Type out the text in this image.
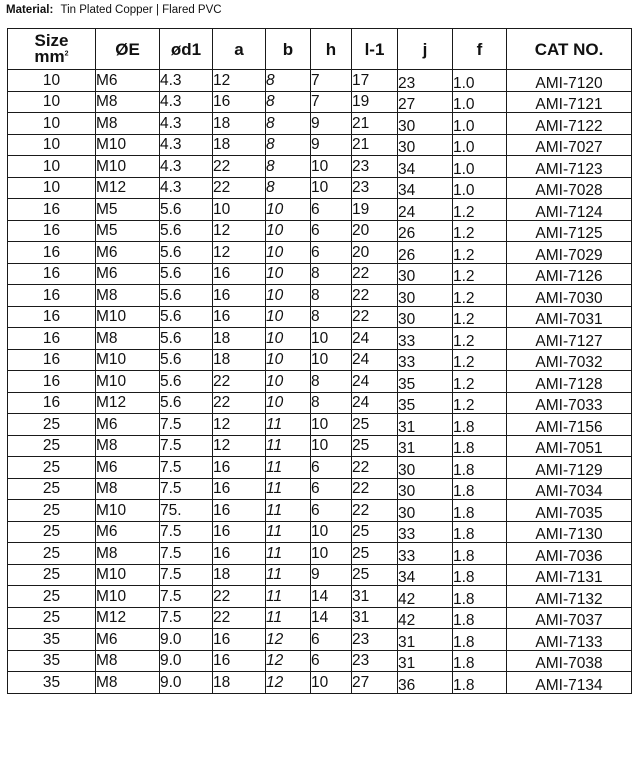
Material: Tin Plated Copper | Flared PVC
Size
$mm^2$	ØE	ød1	a	b	h	l-1	j	f	CAT NO.
10	M6	4.3	12	8	7	17	23	1.0	AMI-7120
10	M8	4.3	16	8	7	19	27	1.0	AMI-7121
10	M8	4.3	18	8	9	21	30	1.0	AMI-7122
10	M10	4.3	18	8	9	21	30	1.0	AMI-7027
10	M10	4.3	22	8	10	23	34	1.0	AMI-7123
10	M12	4.3	22	8	10	23	34	1.0	AMI-7028
16	M5	5.6	10	10	6	19	24	1.2	AMI-7124
16	M5	5.6	12	10	6	20	26	1.2	AMI-7125
16	M6	5.6	12	10	6	20	26	1.2	AMI-7029
16	M6	5.6	16	10	8	22	30	1.2	AMI-7126
16	M8	5.6	16	10	8	22	30	1.2	AMI-7030
16	M10	5.6	16	10	8	22	30	1.2	AMI-7031
16	M8	5.6	18	10	10	24	33	1.2	AMI-7127
16	M10	5.6	18	10	10	24	33	1.2	AMI-7032
16	M10	5.6	22	10	8	24	35	1.2	AMI-7128
16	M12	5.6	22	10	8	24	35	1.2	AMI-7033
25	M6	7.5	12	11	10	25	31	1.8	AMI-7156
25	M8	7.5	12	11	10	25	31	1.8	AMI-7051
25	M6	7.5	16	11	6	22	30	1.8	AMI-7129
25	M8	7.5	16	11	6	22	30	1.8	AMI-7034
25	M10	75.	16	11	6	22	30	1.8	AMI-7035
25	M6	7.5	16	11	10	25	33	1.8	AMI-7130
25	M8	7.5	16	11	10	25	33	1.8	AMI-7036
25	M10	7.5	18	11	9	25	34	1.8	AMI-7131
25	M10	7.5	22	11	14	31	42	1.8	AMI-7132
25	M12	7.5	22	11	14	31	42	1.8	AMI-7037
35	M6	9.0	16	12	6	23	31	1.8	AMI-7133
35	M8	9.0	16	12	6	23	31	1.8	AMI-7038
35	M8	9.0	18	12	10	27	36	1.8	AMI-7134
